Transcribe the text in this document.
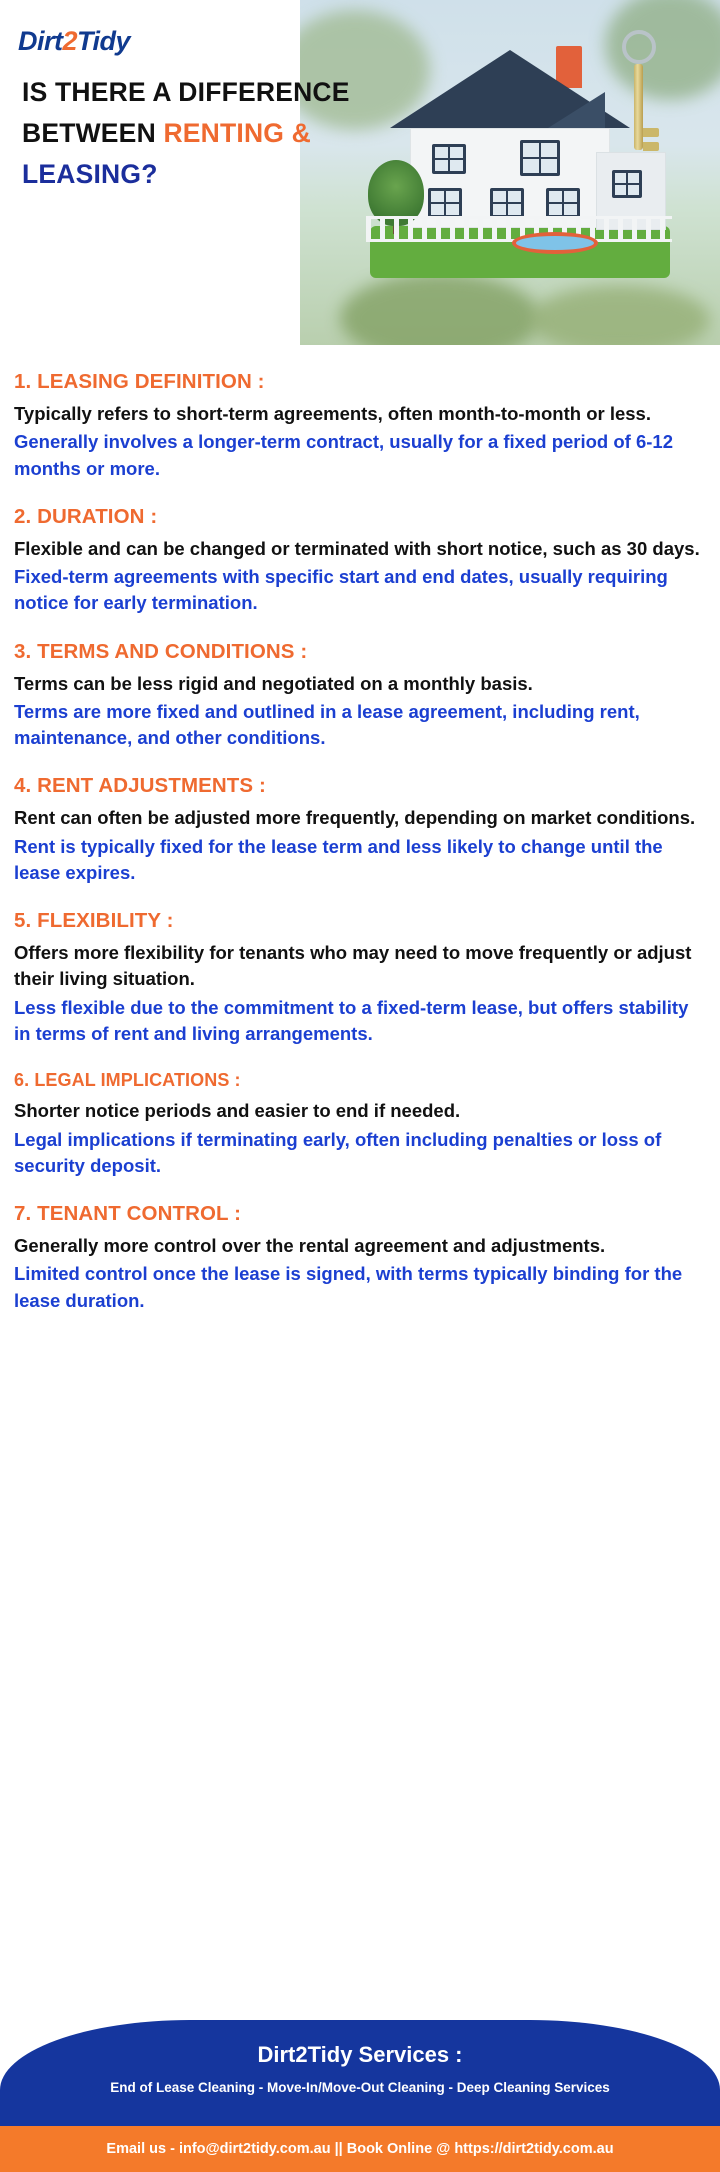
Dirt2Tidy
IS THERE A DIFFERENCE
BETWEEN RENTING &
LEASING?
1. LEASING DEFINITION :
Typically refers to short-term agreements, often month-to-month or less.
Generally involves a longer-term contract, usually for a fixed period of 6-12 months or more.
2. DURATION :
Flexible and can be changed or terminated with short notice, such as 30 days.
Fixed-term agreements with specific start and end dates, usually requiring notice for early termination.
3. TERMS AND CONDITIONS :
Terms can be less rigid and negotiated on a monthly basis.
Terms are more fixed and outlined in a lease agreement, including rent, maintenance, and other conditions.
4. RENT ADJUSTMENTS :
Rent can often be adjusted more frequently, depending on market conditions.
Rent is typically fixed for the lease term and less likely to change until the lease expires.
5. FLEXIBILITY :
Offers more flexibility for tenants who may need to move frequently or adjust their living situation.
Less flexible due to the commitment to a fixed-term lease, but offers stability in terms of rent and living arrangements.
6. LEGAL IMPLICATIONS :
Shorter notice periods and easier to end if needed.
Legal implications if terminating early, often including penalties or loss of security deposit.
7. TENANT CONTROL :
Generally more control over the rental agreement and adjustments.
Limited control once the lease is signed, with terms typically binding for the lease duration.
Dirt2Tidy Services :
End of Lease Cleaning - Move-In/Move-Out Cleaning - Deep Cleaning Services
Email us - info@dirt2tidy.com.au || Book Online @ https://dirt2tidy.com.au
